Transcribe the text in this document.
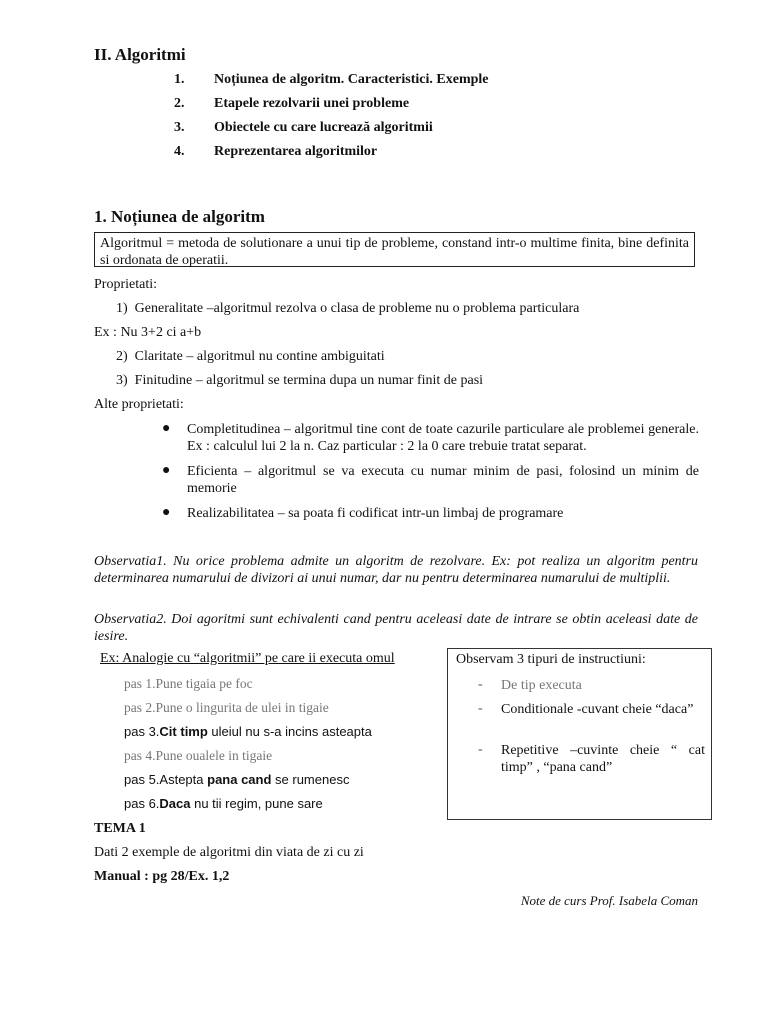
II. Algoritmi
1. Noțiunea de algoritm. Caracteristici. Exemple
2. Etapele rezolvarii unei probleme
3. Obiectele cu care lucrează algoritmii
4. Reprezentarea algoritmilor
1. Noțiunea de algoritm
Algoritmul = metoda de solutionare a unui tip de probleme, constand intr-o multime finita, bine definita si ordonata de operatii.
Proprietati:
1) Generalitate –algoritmul rezolva o clasa de probleme nu o problema particulara
Ex : Nu 3+2 ci a+b
2) Claritate – algoritmul nu contine ambiguitati
3) Finitudine – algoritmul se termina dupa un numar finit de pasi
Alte proprietati:
● Completitudinea – algoritmul tine cont de toate cazurile particulare ale problemei generale. Ex : calculul lui 2 la n. Caz particular : 2 la 0 care trebuie tratat separat.
● Eficienta – algoritmul se va executa cu numar minim de pasi, folosind un minim de memorie
● Realizabilitatea – sa poata fi codificat intr-un limbaj de programare
Observatia1. Nu orice problema admite un algoritm de rezolvare. Ex: pot realiza un algoritm pentru determinarea numarului de divizori ai unui numar, dar nu pentru determinarea numarului de multiplii.
Observatia2. Doi agoritmi sunt echivalenti cand pentru aceleasi date de intrare se obtin aceleasi date de iesire.
Ex: Analogie cu “algoritmii” pe care ii executa omul
pas 1.Pune tigaia pe foc
pas 2.Pune o lingurita de ulei in tigaie
pas 3.Cit timp uleiul nu s-a incins asteapta
pas 4.Pune oualele in tigaie
pas 5.Astepta pana cand se rumenesc
pas 6.Daca nu tii regim, pune sare
Observam 3 tipuri de instructiuni:
- De tip executa
- Conditionale -cuvant cheie “daca”
- Repetitive –cuvinte cheie “ cat timp” , “pana cand”
TEMA 1
Dati 2 exemple de algoritmi din viata de zi cu zi
Manual : pg 28/Ex. 1,2
Note de curs Prof. Isabela Coman
